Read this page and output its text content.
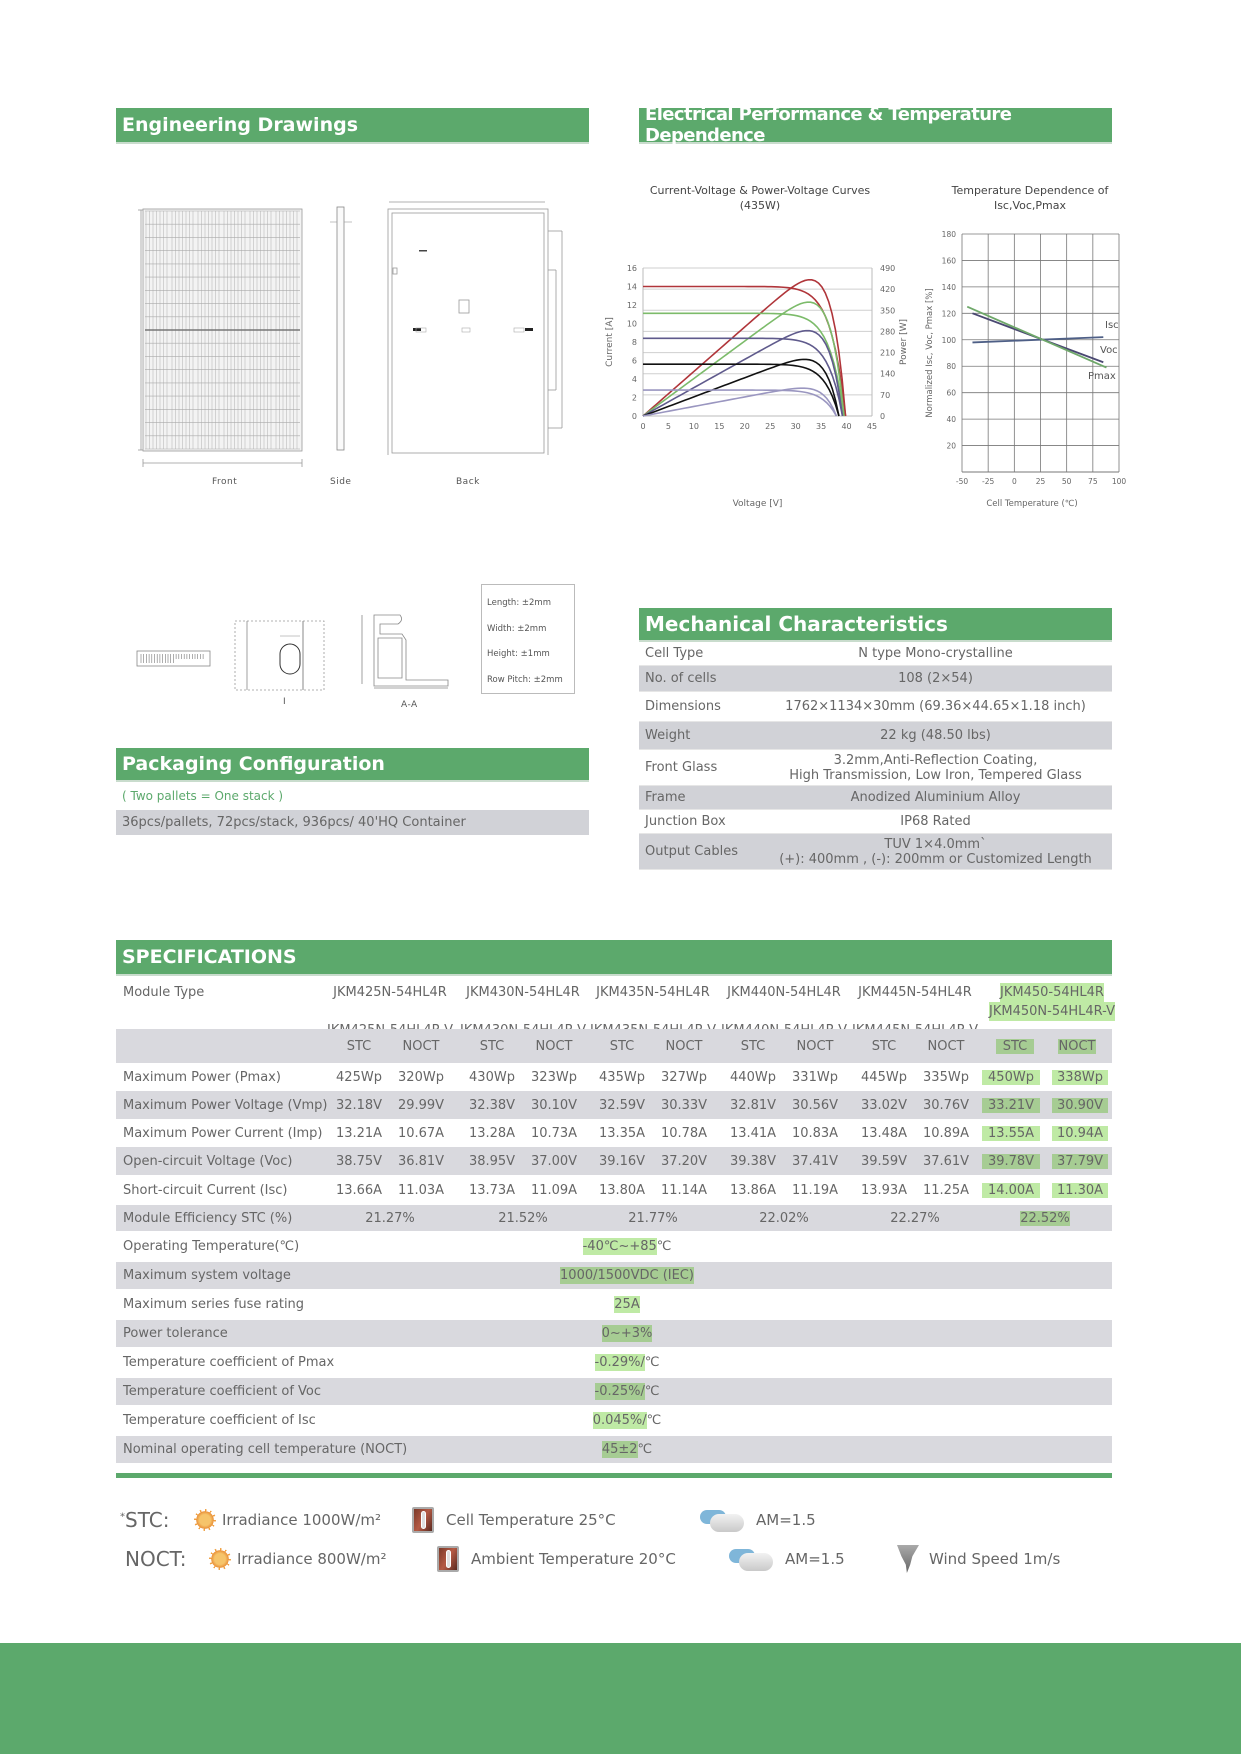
Engineering Drawings	Electrical Performance & Temperature Dependence
Front	Side	Back
I	A-A
Length: ±2mm
Width: ±2mm
Height: ±1mm
Row Pitch: ±2mm
Current-Voltage & Power-Voltage Curves (435W)
0
2
4
6
8
10
12
14
16
0
70
140
210
280
350
420
490
0	5 10 15 20 25 30 35 40 45
Current [A]	Power [W]
Voltage [V]
Temperature Dependence of Isc,Voc,Pmax
20
40
60
80
100
120
140
160
180
-50 -25 0	25 50 75 100
Normalized Isc, Voc, Pmax [%]
Cell Temperature (℃)
Isc
Voc
Pmax
Mechanical Characteristics
Cell Type	N type Mono-crystalline
No. of cells	108 (2×54)
Dimensions	1762×1134×30mm (69.36×44.65×1.18 inch)
Weight	22 kg (48.50 lbs)
Front Glass	3.2mm,Anti-Reflection Coating,
High Transmission, Low Iron, Tempered Glass
Frame	Anodized Aluminium Alloy
Junction Box	IP68 Rated
Output Cables	TUV 1×4.0mm`
(+): 400mm , (-): 200mm or Customized Length
Packaging Configuration
( Two pallets = One stack )
36pcs/pallets, 72pcs/stack, 936pcs/ 40'HQ Container
SPECIFICATIONS
Module Type	JKM425N-54HL4R	JKM430N-54HL4R	JKM435N-54HL4R	JKM440N-54HL4R	JKM445N-54HL4R	JKM450-54HL4R
JKM450N-54HL4R-V
STC	NOCT	STC	NOCT	STC	NOCT	STC	NOCT	STC	NOCT	STC	NOCT
Maximum Power (Pmax)	425Wp	320Wp	430Wp	323Wp	435Wp	327Wp	440Wp	331Wp	445Wp	335Wp	450Wp	338Wp
Maximum Power Voltage (Vmp) 32.18V	29.99V	32.38V	30.10V	32.59V	30.33V	32.81V	30.56V	33.02V	30.76V	33.21V	30.90V
Maximum Power Current (Imp)	13.21A	10.67A	13.28A	10.73A	13.35A	10.78A	13.41A	10.83A	13.48A	10.89A	13.55A	10.94A
Open-circuit Voltage (Voc)	38.75V	36.81V	38.95V	37.00V	39.16V	37.20V	39.38V	37.41V	39.59V	37.61V	39.78V	37.79V
Short-circuit Current (Isc)	13.66A	11.03A	13.73A	11.09A	13.80A	11.14A	13.86A	11.19A	13.93A	11.25A	14.00A	11.30A
Module Efficiency STC (%)	21.27%	21.52%	21.77%	22.02%	22.27%	22.52%
Operating Temperature(℃)	-40℃~+85℃
Maximum system voltage	1000/1500VDC (IEC)
Maximum series fuse rating	25A
Power tolerance	0~+3%
Temperature coefficient of Pmax	-0.29%/℃
Temperature coefficient of Voc	-0.25%/℃
Temperature coefficient of Isc	0.045%/℃
Nominal operating cell temperature (NOCT)	45±2℃
*STC:	Irradiance 1000W/m²	Cell Temperature 25°C	AM=1.5
NOCT:	Irradiance 800W/m²	Ambient Temperature 20°C	AM=1.5	Wind Speed 1m/s
